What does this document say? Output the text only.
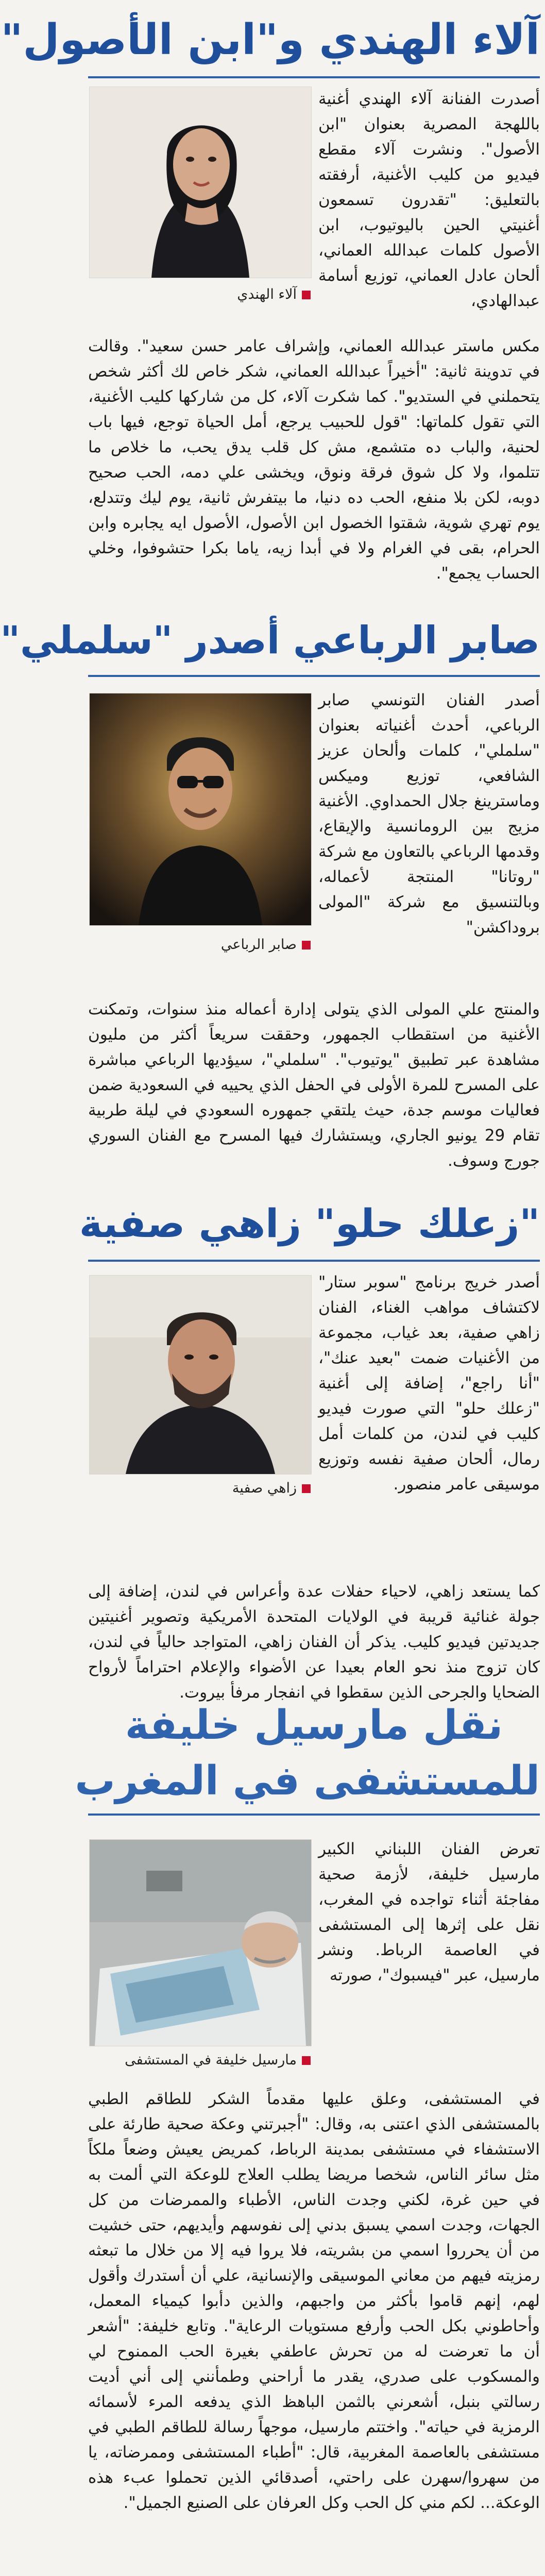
آلاء الهندي و"ابن الأصول"

أصدرت الفنانة آلاء الهندي أغنية باللهجة المصرية بعنوان "ابن الأصول". ونشرت آلاء مقطع فيديو من كليب الأغنية، أرفقته بالتعليق: "تقدرون تسمعون أغنيتي الحين باليوتيوب، ابن الأصول كلمات عبدالله العماني، ألحان عادل العماني، توزيع أسامة عبدالهادي،

آلاء الهندي

مكس ماستر عبدالله العماني، وإشراف عامر حسن سعيد". وقالت في تدوينة ثانية: "أخيراً عبدالله العماني، شكر خاص لك أكثر شخص يتحملني في الستديو". كما شكرت آلاء، كل من شاركها كليب الأغنية، التي تقول كلماتها: "قول للحبيب يرجع، أمل الحياة توجع، فيها باب لحنية، والباب ده متشمع، مش كل قلب يدق يحب، ما خلاص ما تتلموا، ولا كل شوق فرقة ونوق، ويخشى علي دمه، الحب صحيح دوبه، لكن بلا منفع، الحب ده دنيا، ما بيتفرش ثانية، يوم ليك وتتدلع، يوم تهري شوية، شقتوا الخصول ابن الأصول، الأصول ايه يجابره وابن الحرام، بقى في الغرام ولا في أبدا زيه، ياما بكرا حتشوفوا، وخلي الحساب يجمع".

صابر الرباعي أصدر "سلملي"

أصدر الفنان التونسي صابر الرباعي، أحدث أغنياته بعنوان "سلملي"، كلمات وألحان عزيز الشافعي، توزيع وميكس وماسترينغ جلال الحمداوي. الأغنية مزيج بين الرومانسية والإيقاع، وقدمها الرباعي بالتعاون مع شركة "روتانا" المنتجة لأعماله، وبالتنسيق مع شركة "المولى بروداكشن"

صابر الرباعي

والمنتج علي المولى الذي يتولى إدارة أعماله منذ سنوات، وتمكنت الأغنية من استقطاب الجمهور، وحققت سريعاً أكثر من مليون مشاهدة عبر تطبيق "يوتيوب". "سلملي"، سيؤديها الرباعي مباشرة على المسرح للمرة الأولى في الحفل الذي يحييه في السعودية ضمن فعاليات موسم جدة، حيث يلتقي جمهوره السعودي في ليلة طربية تقام 29 يونيو الجاري، ويستشارك فيها المسرح مع الفنان السوري جورج وسوف.

"زعلك حلو" زاهي صفية

أصدر خريج برنامج "سوبر ستار" لاكتشاف مواهب الغناء، الفنان زاهي صفية، بعد غياب، مجموعة من الأغنيات ضمت "بعيد عنك"، "أنا راجع"، إضافة إلى أغنية "زعلك حلو" التي صورت فيديو كليب في لندن، من كلمات أمل رمال، ألحان صفية نفسه وتوزيع موسيقى عامر منصور.

زاهي صفية

كما يستعد زاهي، لاحياء حفلات عدة وأعراس في لندن، إضافة إلى جولة غنائية قريبة في الولايات المتحدة الأمريكية وتصوير أغنيتين جديدتين فيديو كليب. يذكر أن الفنان زاهي، المتواجد حالياً في لندن، كان تزوج منذ نحو العام بعيدا عن الأضواء والإعلام احتراماً لأرواح الضحايا والجرحى الذين سقطوا في انفجار مرفأ بيروت.

نقل مارسيل خليفة
للمستشفى في المغرب

تعرض الفنان اللبناني الكبير مارسيل خليفة، لأزمة صحية مفاجئة أثناء تواجده في المغرب، نقل على إثرها إلى المستشفى في العاصمة الرباط. ونشر مارسيل، عبر "فيسبوك"، صورته

مارسيل خليفة في المستشفى

في المستشفى، وعلق عليها مقدماً الشكر للطاقم الطبي بالمستشفى الذي اعتنى به، وقال: "أجبرتني وعكة صحية طارئة على الاستشفاء في مستشفى بمدينة الرباط، كمريض يعيش وضعاً ملكاً مثل سائر الناس، شخصا مريضا يطلب العلاج للوعكة التي ألمت به في حين غرة، لكني وجدت الناس، الأطباء والممرضات من كل الجهات، وجدت اسمي يسبق بدني إلى نفوسهم وأيديهم، حتى خشيت من أن يحرروا اسمي من بشريته، فلا يروا فيه إلا من خلال ما تبعثه رمزيته فيهم من معاني الموسيقى والإنسانية، علي أن أستدرك وأقول لهم، إنهم قاموا بأكثر من واجبهم، والذين دأبوا كيمياء المعمل، وأحاطوني بكل الحب وأرفع مستويات الرعاية". وتابع خليفة: "أشعر أن ما تعرضت له من تحرش عاطفي بغيرة الحب الممنوح لي والمسكوب على صدري، يقدر ما أراحني وطمأنني إلى أني أديت رسالتي بنبل، أشعرني بالثمن الباهظ الذي يدفعه المرء لأسمائه الرمزية في حياته". واختتم مارسيل، موجهاً رسالة للطاقم الطبي في مستشفى بالعاصمة المغربية، قال: "أطباء المستشفى وممرضاته، يا من سهروا/سهرن على راحتي، أصدقائي الذين تحملوا عبء هذه الوعكة... لكم مني كل الحب وكل العرفان على الصنيع الجميل".
